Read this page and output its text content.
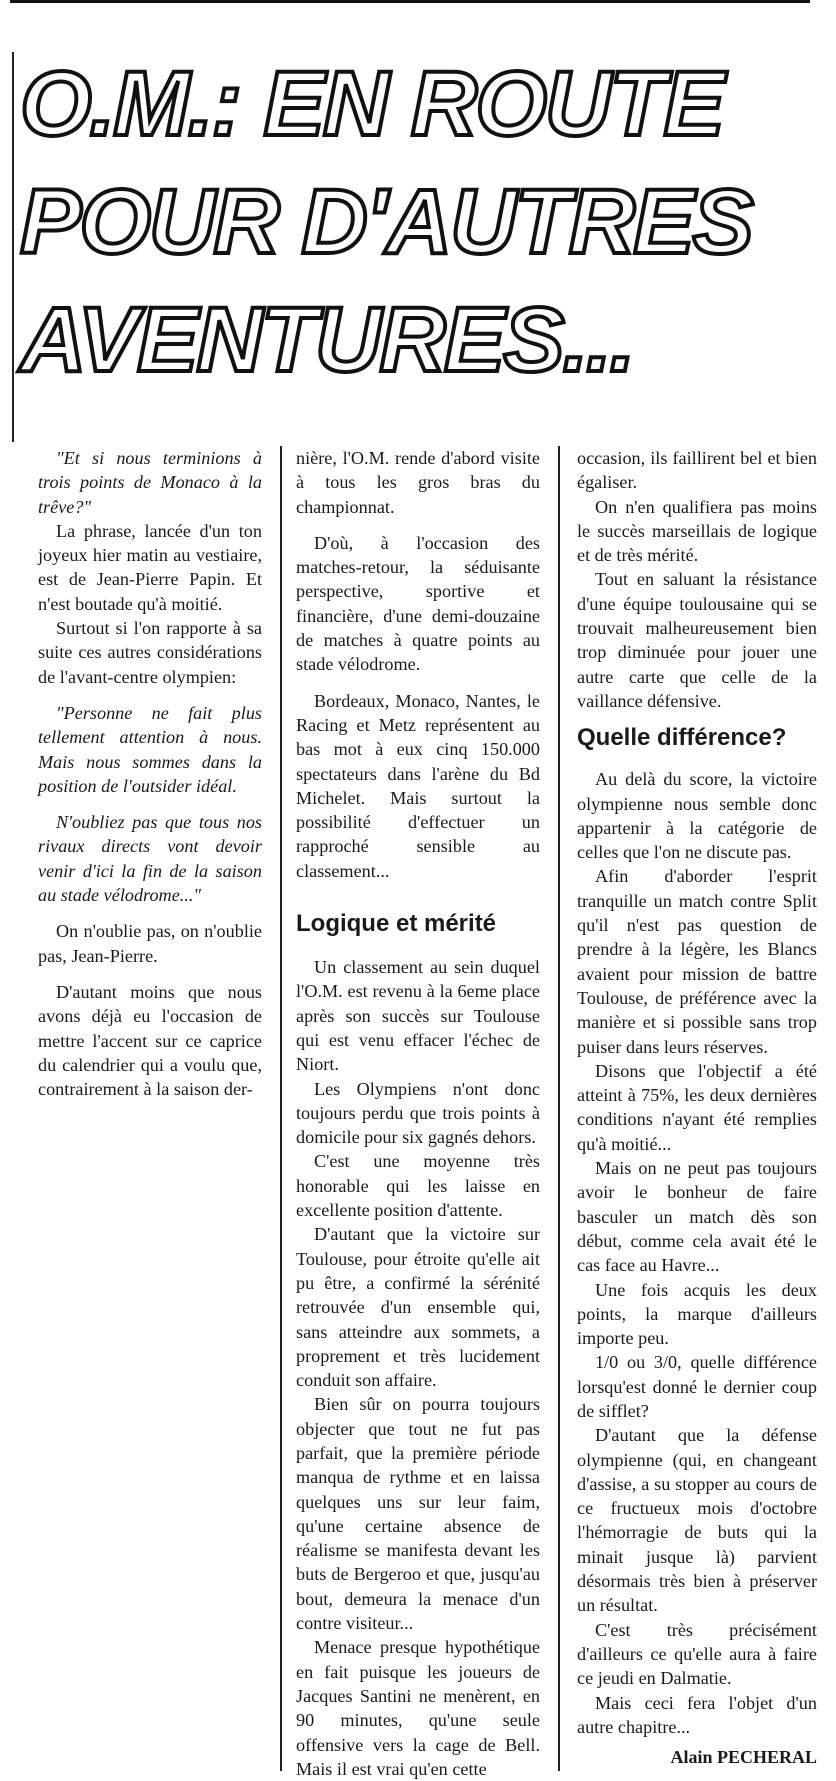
O.M.: EN ROUTE
POUR D'AUTRES
AVENTURES...

"Et si nous terminions à trois points de Monaco à la trêve?"

La phrase, lancée d'un ton joyeux hier matin au vestiaire, est de Jean-Pierre Papin. Et n'est boutade qu'à moitié.

Surtout si l'on rapporte à sa suite ces autres considérations de l'avant-centre olympien:

"Personne ne fait plus tellement attention à nous. Mais nous sommes dans la position de l'outsider idéal.

N'oubliez pas que tous nos rivaux directs vont devoir venir d'ici la fin de la saison au stade vélodrome..."

On n'oublie pas, on n'oublie pas, Jean-Pierre.

D'autant moins que nous avons déjà eu l'occasion de mettre l'accent sur ce caprice du calendrier qui a voulu que, contrairement à la saison der-

nière, l'O.M. rende d'abord visite à tous les gros bras du championnat.

D'où, à l'occasion des matches-retour, la séduisante perspective, sportive et financière, d'une demi-douzaine de matches à quatre points au stade vélodrome.

Bordeaux, Monaco, Nantes, le Racing et Metz représentent au bas mot à eux cinq 150.000 spectateurs dans l'arène du Bd Michelet. Mais surtout la possibilité d'effectuer un rapproché sensible au classement...

Logique et mérité

Un classement au sein duquel l'O.M. est revenu à la 6eme place après son succès sur Toulouse qui est venu effacer l'échec de Niort.

Les Olympiens n'ont donc toujours perdu que trois points à domicile pour six gagnés dehors.

C'est une moyenne très honorable qui les laisse en excellente position d'attente.

D'autant que la victoire sur Toulouse, pour étroite qu'elle ait pu être, a confirmé la sérénité retrouvée d'un ensemble qui, sans atteindre aux sommets, a proprement et très lucidement conduit son affaire.

Bien sûr on pourra toujours objecter que tout ne fut pas parfait, que la première période manqua de rythme et en laissa quelques uns sur leur faim, qu'une certaine absence de réalisme se manifesta devant les buts de Bergeroo et que, jusqu'au bout, demeura la menace d'un contre visiteur...

Menace presque hypothétique en fait puisque les joueurs de Jacques Santini ne menèrent, en 90 minutes, qu'une seule offensive vers la cage de Bell. Mais il est vrai qu'en cette

occasion, ils faillirent bel et bien égaliser.

On n'en qualifiera pas moins le succès marseillais de logique et de très mérité.

Tout en saluant la résistance d'une équipe toulousaine qui se trouvait malheureusement bien trop diminuée pour jouer une autre carte que celle de la vaillance défensive.

Quelle différence?

Au delà du score, la victoire olympienne nous semble donc appartenir à la catégorie de celles que l'on ne discute pas.

Afin d'aborder l'esprit tranquille un match contre Split qu'il n'est pas question de prendre à la légère, les Blancs avaient pour mission de battre Toulouse, de préférence avec la manière et si possible sans trop puiser dans leurs réserves.

Disons que l'objectif a été atteint à 75%, les deux dernières conditions n'ayant été remplies qu'à moitié...

Mais on ne peut pas toujours avoir le bonheur de faire basculer un match dès son début, comme cela avait été le cas face au Havre...

Une fois acquis les deux points, la marque d'ailleurs importe peu.

1/0 ou 3/0, quelle différence lorsqu'est donné le dernier coup de sifflet?

D'autant que la défense olympienne (qui, en changeant d'assise, a su stopper au cours de ce fructueux mois d'octobre l'hémorragie de buts qui la minait jusque là) parvient désormais très bien à préserver un résultat.

C'est très précisément d'ailleurs ce qu'elle aura à faire ce jeudi en Dalmatie.

Mais ceci fera l'objet d'un autre chapitre...

Alain PECHERAL
